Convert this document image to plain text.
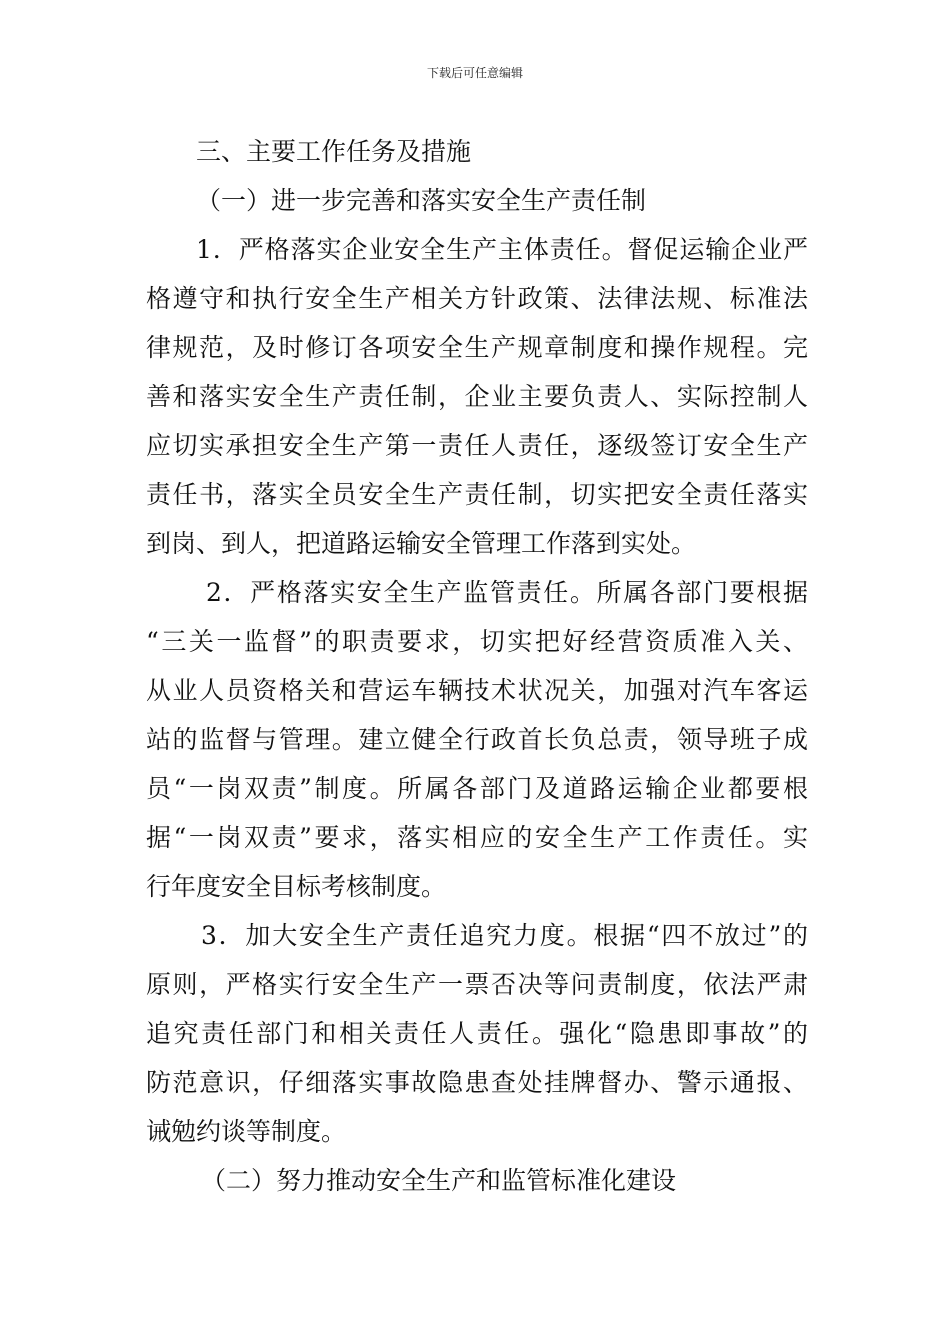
下载后可任意编辑
三、主要工作任务及措施
（一）进一步完善和落实安全生产责任制
1．严格落实企业安全生产主体责任。督促运输企业严
格遵守和执行安全生产相关方针政策、法律法规、标准法
律规范，及时修订各项安全生产规章制度和操作规程。完
善和落实安全生产责任制，企业主要负责人、实际控制人
应切实承担安全生产第一责任人责任，逐级签订安全生产
责任书，落实全员安全生产责任制，切实把安全责任落实
到岗、到人，把道路运输安全管理工作落到实处。
2．严格落实安全生产监管责任。所属各部门要根据
“三关一监督”的职责要求，切实把好经营资质准入关、
从业人员资格关和营运车辆技术状况关，加强对汽车客运
站的监督与管理。建立健全行政首长负总责，领导班子成
员“一岗双责”制度。所属各部门及道路运输企业都要根
据“一岗双责”要求，落实相应的安全生产工作责任。实
行年度安全目标考核制度。
3．加大安全生产责任追究力度。根据“四不放过”的
原则，严格实行安全生产一票否决等问责制度，依法严肃
追究责任部门和相关责任人责任。强化“隐患即事故”的
防范意识，仔细落实事故隐患查处挂牌督办、警示通报、
诫勉约谈等制度。
（二）努力推动安全生产和监管标准化建设
